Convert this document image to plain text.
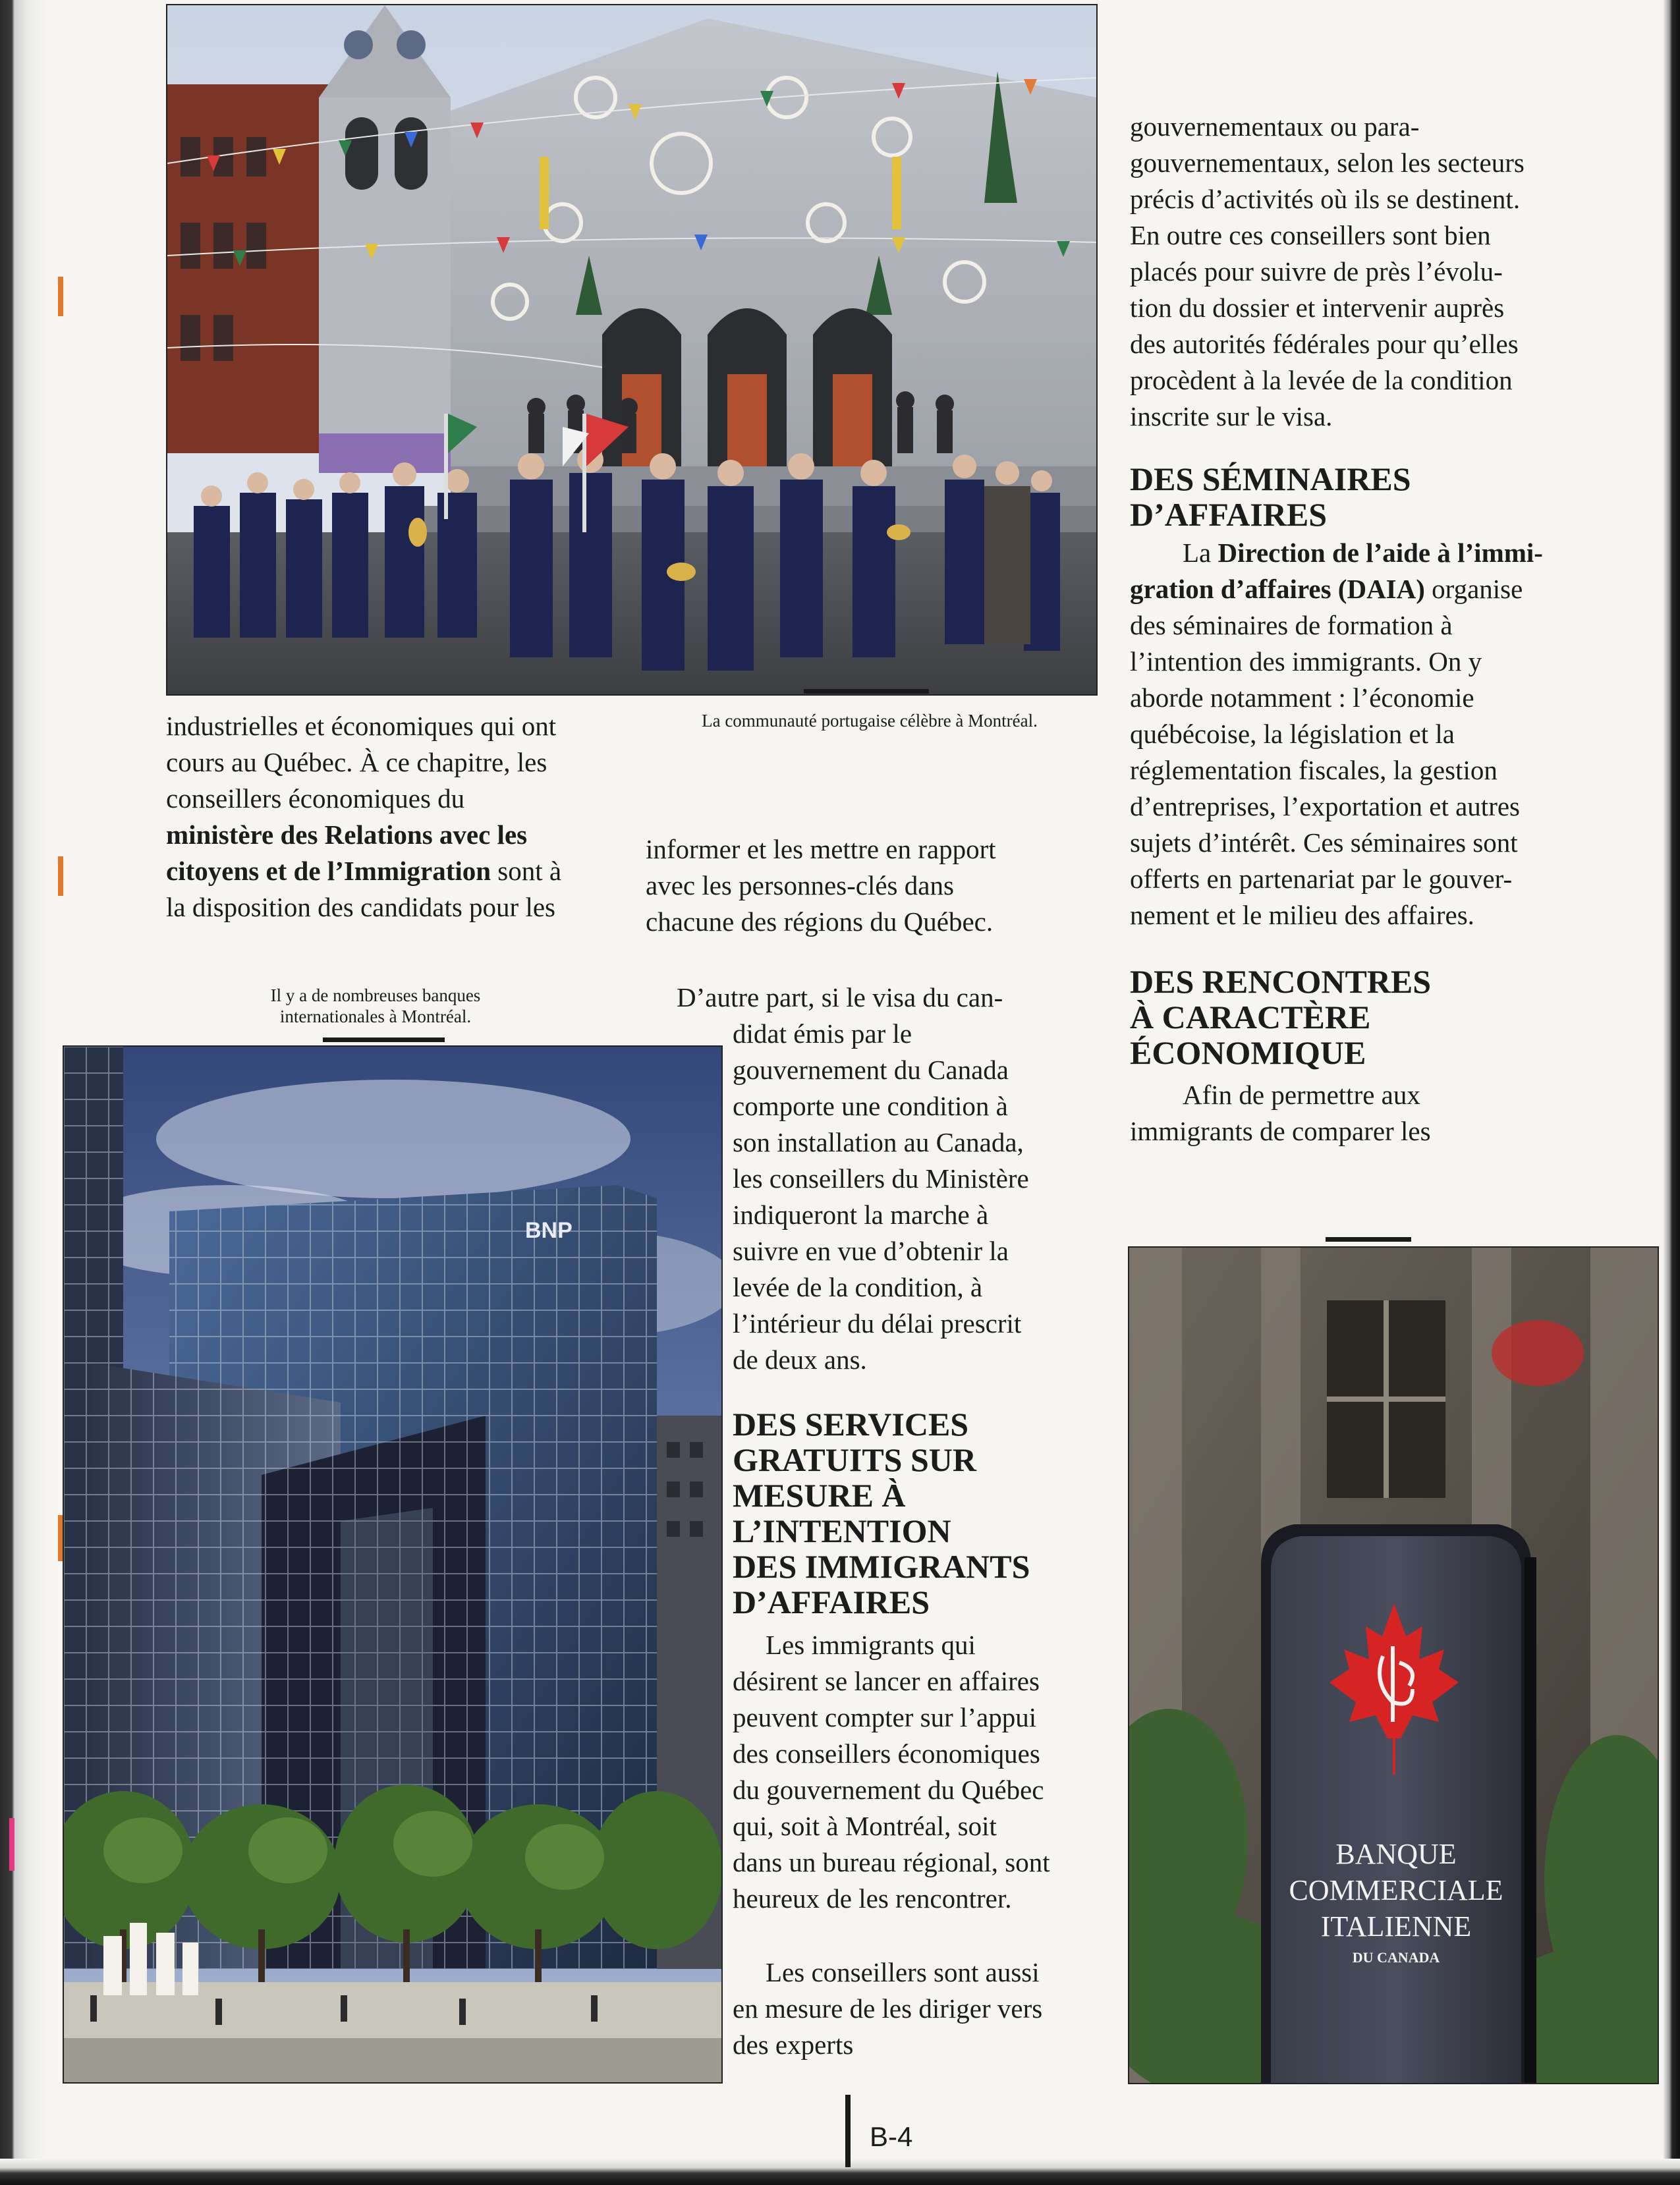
La communauté portugaise célèbre à Montréal.

industrielles et économiques qui ont
cours au Québec. À ce chapitre, les
conseillers économiques du
ministère des Relations avec les
citoyens et de l’Immigration sont à
la disposition des candidats pour les

informer et les mettre en rapport
avec les personnes-clés dans
chacune des régions du Québec.

Il y a de nombreuses banques
internationales à Montréal.
BNP

D’autre part, si le visa du can-

didat émis par le
gouvernement du Canada
comporte une condition à
son installation au Canada,
les conseillers du Ministère
indiqueront la marche à
suivre en vue d’obtenir la
levée de la condition, à
l’intérieur du délai prescrit
de deux ans.

DES SERVICES
GRATUITS SUR
MESURE À
L’INTENTION
DES IMMIGRANTS
D’AFFAIRES

Les immigrants qui
désirent se lancer en affaires
peuvent compter sur l’appui
des conseillers économiques
du gouvernement du Québec
qui, soit à Montréal, soit
dans un bureau régional, sont
heureux de les rencontrer.

Les conseillers sont aussi
en mesure de les diriger vers
des experts

gouvernementaux ou para-
gouvernementaux, selon les secteurs
précis d’activités où ils se destinent.
En outre ces conseillers sont bien
placés pour suivre de près l’évolu-
tion du dossier et intervenir auprès
des autorités fédérales pour qu’elles
procèdent à la levée de la condition
inscrite sur le visa.

DES SÉMINAIRES
D’AFFAIRES

La Direction de l’aide à l’immi-
gration d’affaires (DAIA) organise
des séminaires de formation à
l’intention des immigrants. On y
aborde notamment : l’économie
québécoise, la législation et la
réglementation fiscales, la gestion
d’entreprises, l’exportation et autres
sujets d’intérêt. Ces séminaires sont
offerts en partenariat par le gouver-
nement et le milieu des affaires.

DES RENCONTRES
À CARACTÈRE
ÉCONOMIQUE

Afin de permettre aux
immigrants de comparer les

BANQUE
COMMERCIALE
ITALIENNE
DU CANADA
B-4
